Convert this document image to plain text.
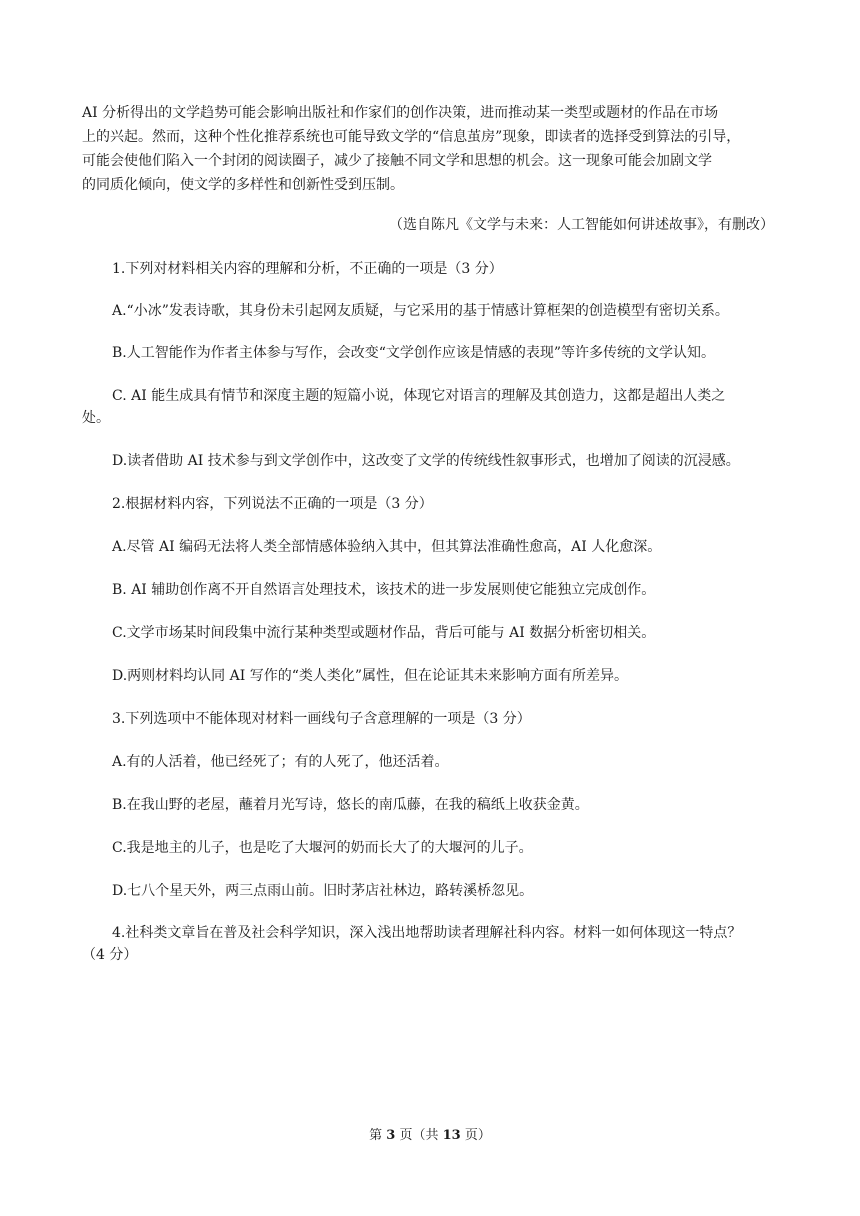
AI 分析得出的文学趋势可能会影响出版社和作家们的创作决策，进而推动某一类型或题材的作品在市场
上的兴起。然而，这种个性化推荐系统也可能导致文学的“信息茧房”现象，即读者的选择受到算法的引导，
可能会使他们陷入一个封闭的阅读圈子，减少了接触不同文学和思想的机会。这一现象可能会加剧文学
的同质化倾向，使文学的多样性和创新性受到压制。
（选自陈凡《文学与未来：人工智能如何讲述故事》，有删改）
1.下列对材料相关内容的理解和分析，不正确的一项是（3 分）
A.“小冰”发表诗歌，其身份未引起网友质疑，与它采用的基于情感计算框架的创造模型有密切关系。
B.人工智能作为作者主体参与写作，会改变“文学创作应该是情感的表现”等许多传统的文学认知。
C. AI 能生成具有情节和深度主题的短篇小说，体现它对语言的理解及其创造力，这都是超出人类之
处。
D.读者借助 AI 技术参与到文学创作中，这改变了文学的传统线性叙事形式，也增加了阅读的沉浸感。
2.根据材料内容，下列说法不正确的一项是（3 分）
A.尽管 AI 编码无法将人类全部情感体验纳入其中，但其算法准确性愈高，AI 人化愈深。
B. AI 辅助创作离不开自然语言处理技术，该技术的进一步发展则使它能独立完成创作。
C.文学市场某时间段集中流行某种类型或题材作品，背后可能与 AI 数据分析密切相关。
D.两则材料均认同 AI 写作的“类人类化”属性，但在论证其未来影响方面有所差异。
3.下列选项中不能体现对材料一画线句子含意理解的一项是（3 分）
A.有的人活着，他已经死了；有的人死了，他还活着。
B.在我山野的老屋，蘸着月光写诗，悠长的南瓜藤，在我的稿纸上收获金黄。
C.我是地主的儿子，也是吃了大堰河的奶而长大了的大堰河的儿子。
D.七八个星天外，两三点雨山前。旧时茅店社林边，路转溪桥忽见。
4.社科类文章旨在普及社会科学知识，深入浅出地帮助读者理解社科内容。材料一如何体现这一特点？
（4 分）
第 3 页（共 13 页）
